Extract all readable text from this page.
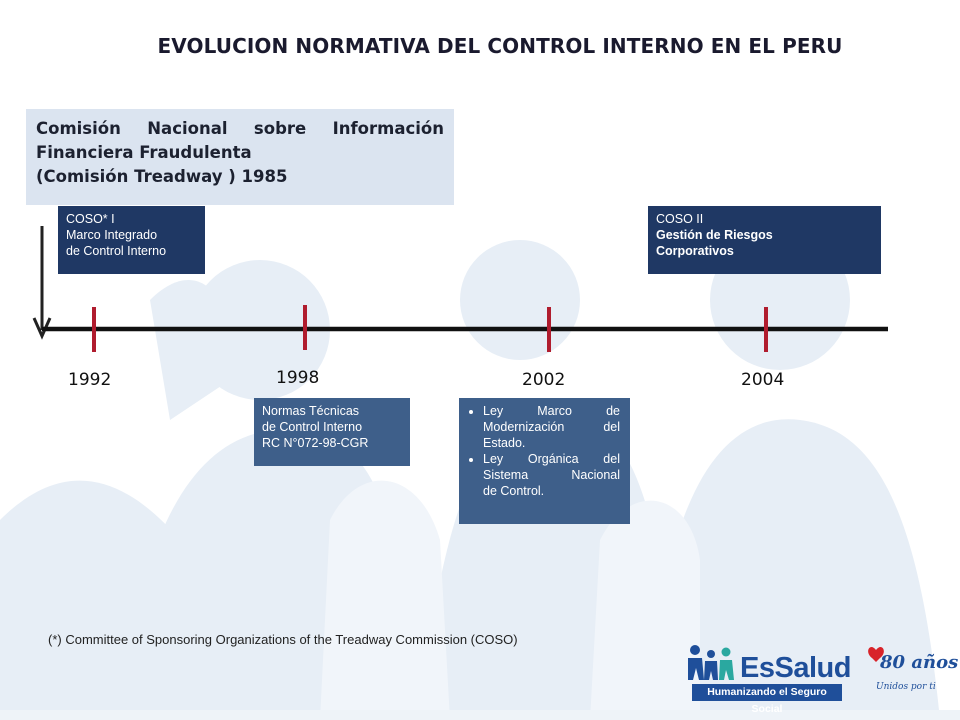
EVOLUCION NORMATIVA DEL CONTROL INTERNO EN EL PERU
Comisión Nacional sobre Información
Financiera Fraudulenta
(Comisión Treadway ) 1985
COSO* I
Marco Integrado
de Control Interno
COSO II
Gestión de Riesgos
Corporativos
1992	1998	2002	2004
Normas Técnicas
de Control Interno
RC N°072-98-CGR
• Ley Marco de Modernización del
Estado.
• Ley Orgánica del Sistema Nacional
de Control.
(*) Committee of Sponsoring Organizations of the Treadway Commission (COSO)
EsSalud
Humanizando el Seguro Social
80 años
Unidos por ti
